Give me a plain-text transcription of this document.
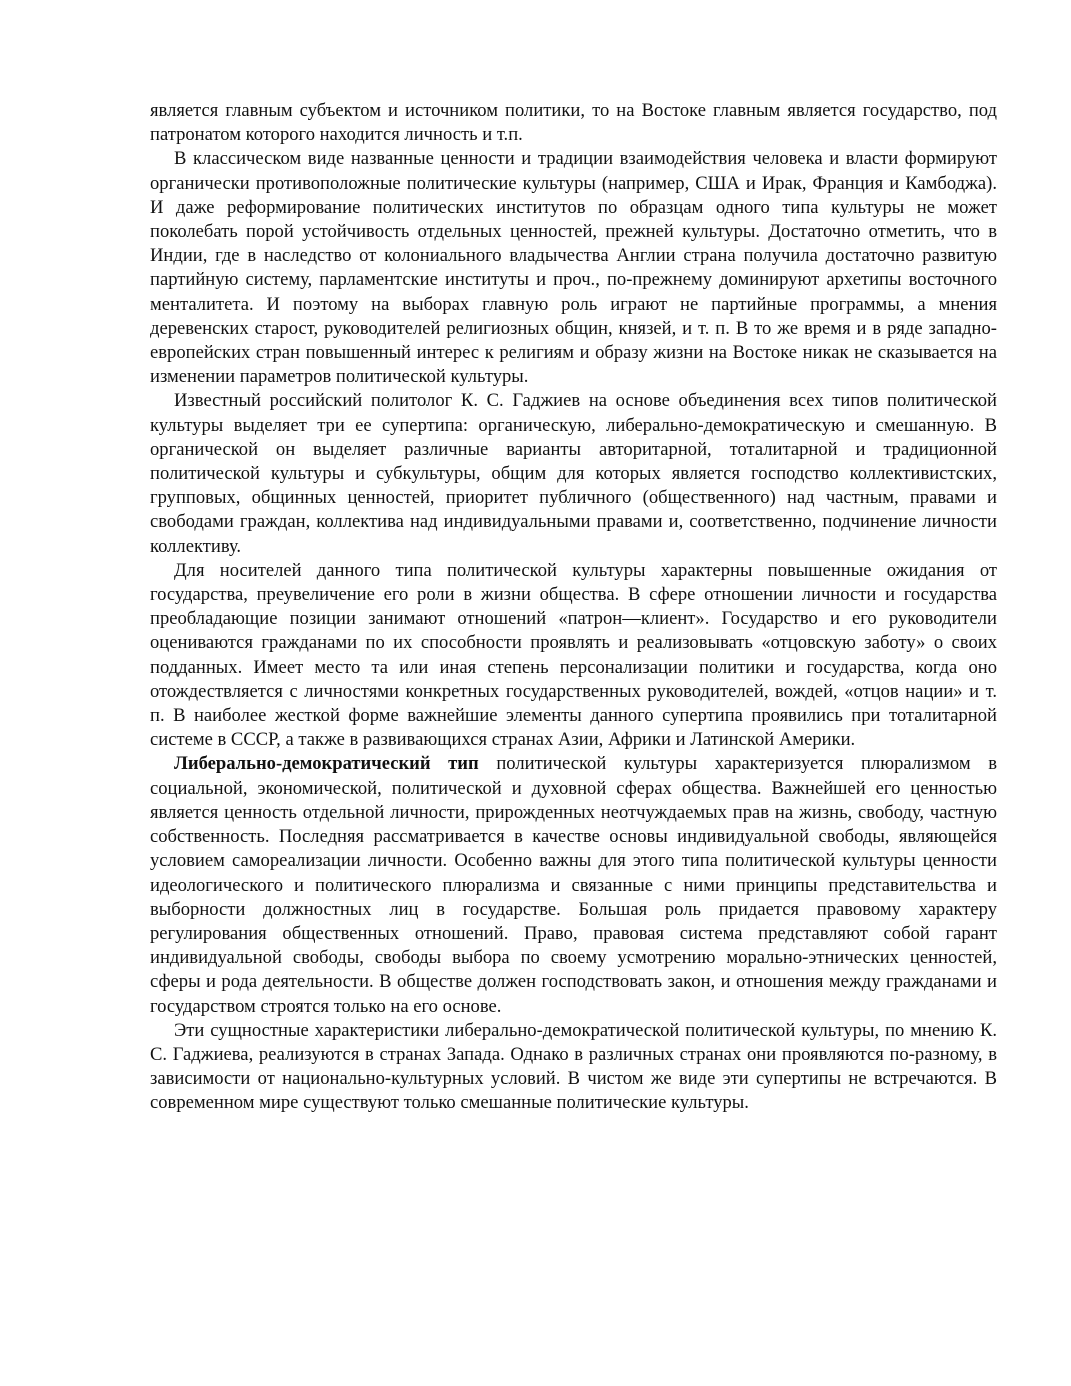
является главным субъектом и источником политики, то на Востоке главным является государство, под патронатом которого находится личность и т.п.

В классическом виде названные ценности и традиции взаимодействия человека и власти формируют органически противоположные политические культуры (например, США и Ирак, Франция и Камбоджа). И даже реформирование политических институтов по образцам одного типа культуры не может поколебать порой устойчивость отдельных ценностей, прежней культуры. Достаточно отметить, что в Индии, где в наследство от колониального владычества Англии страна получила достаточно развитую партийную систему, парламентские институты и проч., по-прежнему доминируют архетипы восточного менталитета. И поэтому на выборах главную роль играют не партийные программы, а мнения деревенских старост, руководителей религиозных общин, князей, и т. п. В то же время и в ряде западно-европейских стран повышенный интерес к религиям и образу жизни на Востоке никак не сказывается на изменении параметров политической культуры.

Известный российский политолог К. С. Гаджиев на основе объединения всех типов политической культуры выделяет три ее супертипа: органическую, либерально-демократическую и смешанную. В органической он выделяет различные варианты авторитарной, тоталитарной и традиционной политической культуры и субкультуры, общим для которых является господство коллективистских, групповых, общинных ценностей, приоритет публичного (общественного) над частным, правами и свободами граждан, коллектива над индивидуальными правами и, соответственно, подчинение личности коллективу.

Для носителей данного типа политической культуры характерны повышенные ожидания от государства, преувеличение его роли в жизни общества. В сфере отношении личности и государства преобладающие позиции занимают отношений «патрон—клиент». Государство и его руководители оцениваются гражданами по их способности проявлять и реализовывать «отцовскую заботу» о своих подданных. Имеет место та или иная степень персонализации политики и государства, когда оно отождествляется с личностями конкретных государственных руководителей, вождей, «отцов нации» и т. п. В наиболее жесткой форме важнейшие элементы данного супертипа проявились при тоталитарной системе в СССР, а также в развивающихся странах Азии, Африки и Латинской Америки.

Либерально-демократический тип политической культуры характеризуется плюрализмом в социальной, экономической, политической и духовной сферах общества. Важнейшей его ценностью является ценность отдельной личности, прирожденных неотчуждаемых прав на жизнь, свободу, частную собственность. Последняя рассматривается в качестве основы индивидуальной свободы, являющейся условием самореализации личности. Особенно важны для этого типа политической культуры ценности идеологического и политического плюрализма и связанные с ними принципы представительства и выборности должностных лиц в государстве. Большая роль придается правовому характеру регулирования общественных отношений. Право, правовая система представляют собой гарант индивидуальной свободы, свободы выбора по своему усмотрению морально-этнических ценностей, сферы и рода деятельности. В обществе должен господствовать закон, и отношения между гражданами и государством строятся только на его основе.

Эти сущностные характеристики либерально-демократической политической культуры, по мнению К. С. Гаджиева, реализуются в странах Запада. Однако в различных странах они проявляются по-разному, в зависимости от национально-культурных условий. В чистом же виде эти супертипы не встречаются. В современном мире существуют только смешанные политические культуры.
